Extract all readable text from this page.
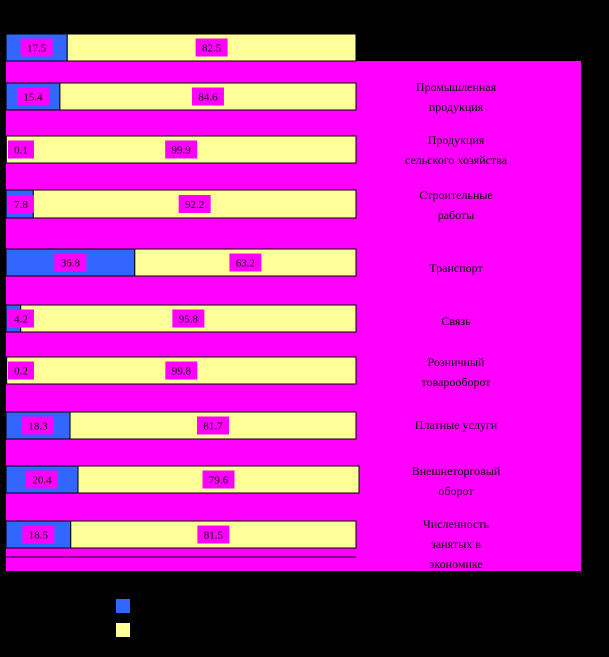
17.5	82.5
15.4	84.6
0.1	99.9
7.8	92.2
36.8	63.2
4.2	95.8
0.2	99.8
18.3	81.7
20.4	79.6
18.5	81.5
Промышленная продукция
Продукция сельского хозяйства
Строительные работы
Транспорт
Связь
Розничный товарооборот
Платные услуги
Внешнеторговый оборот
Численность занятых в экономике
